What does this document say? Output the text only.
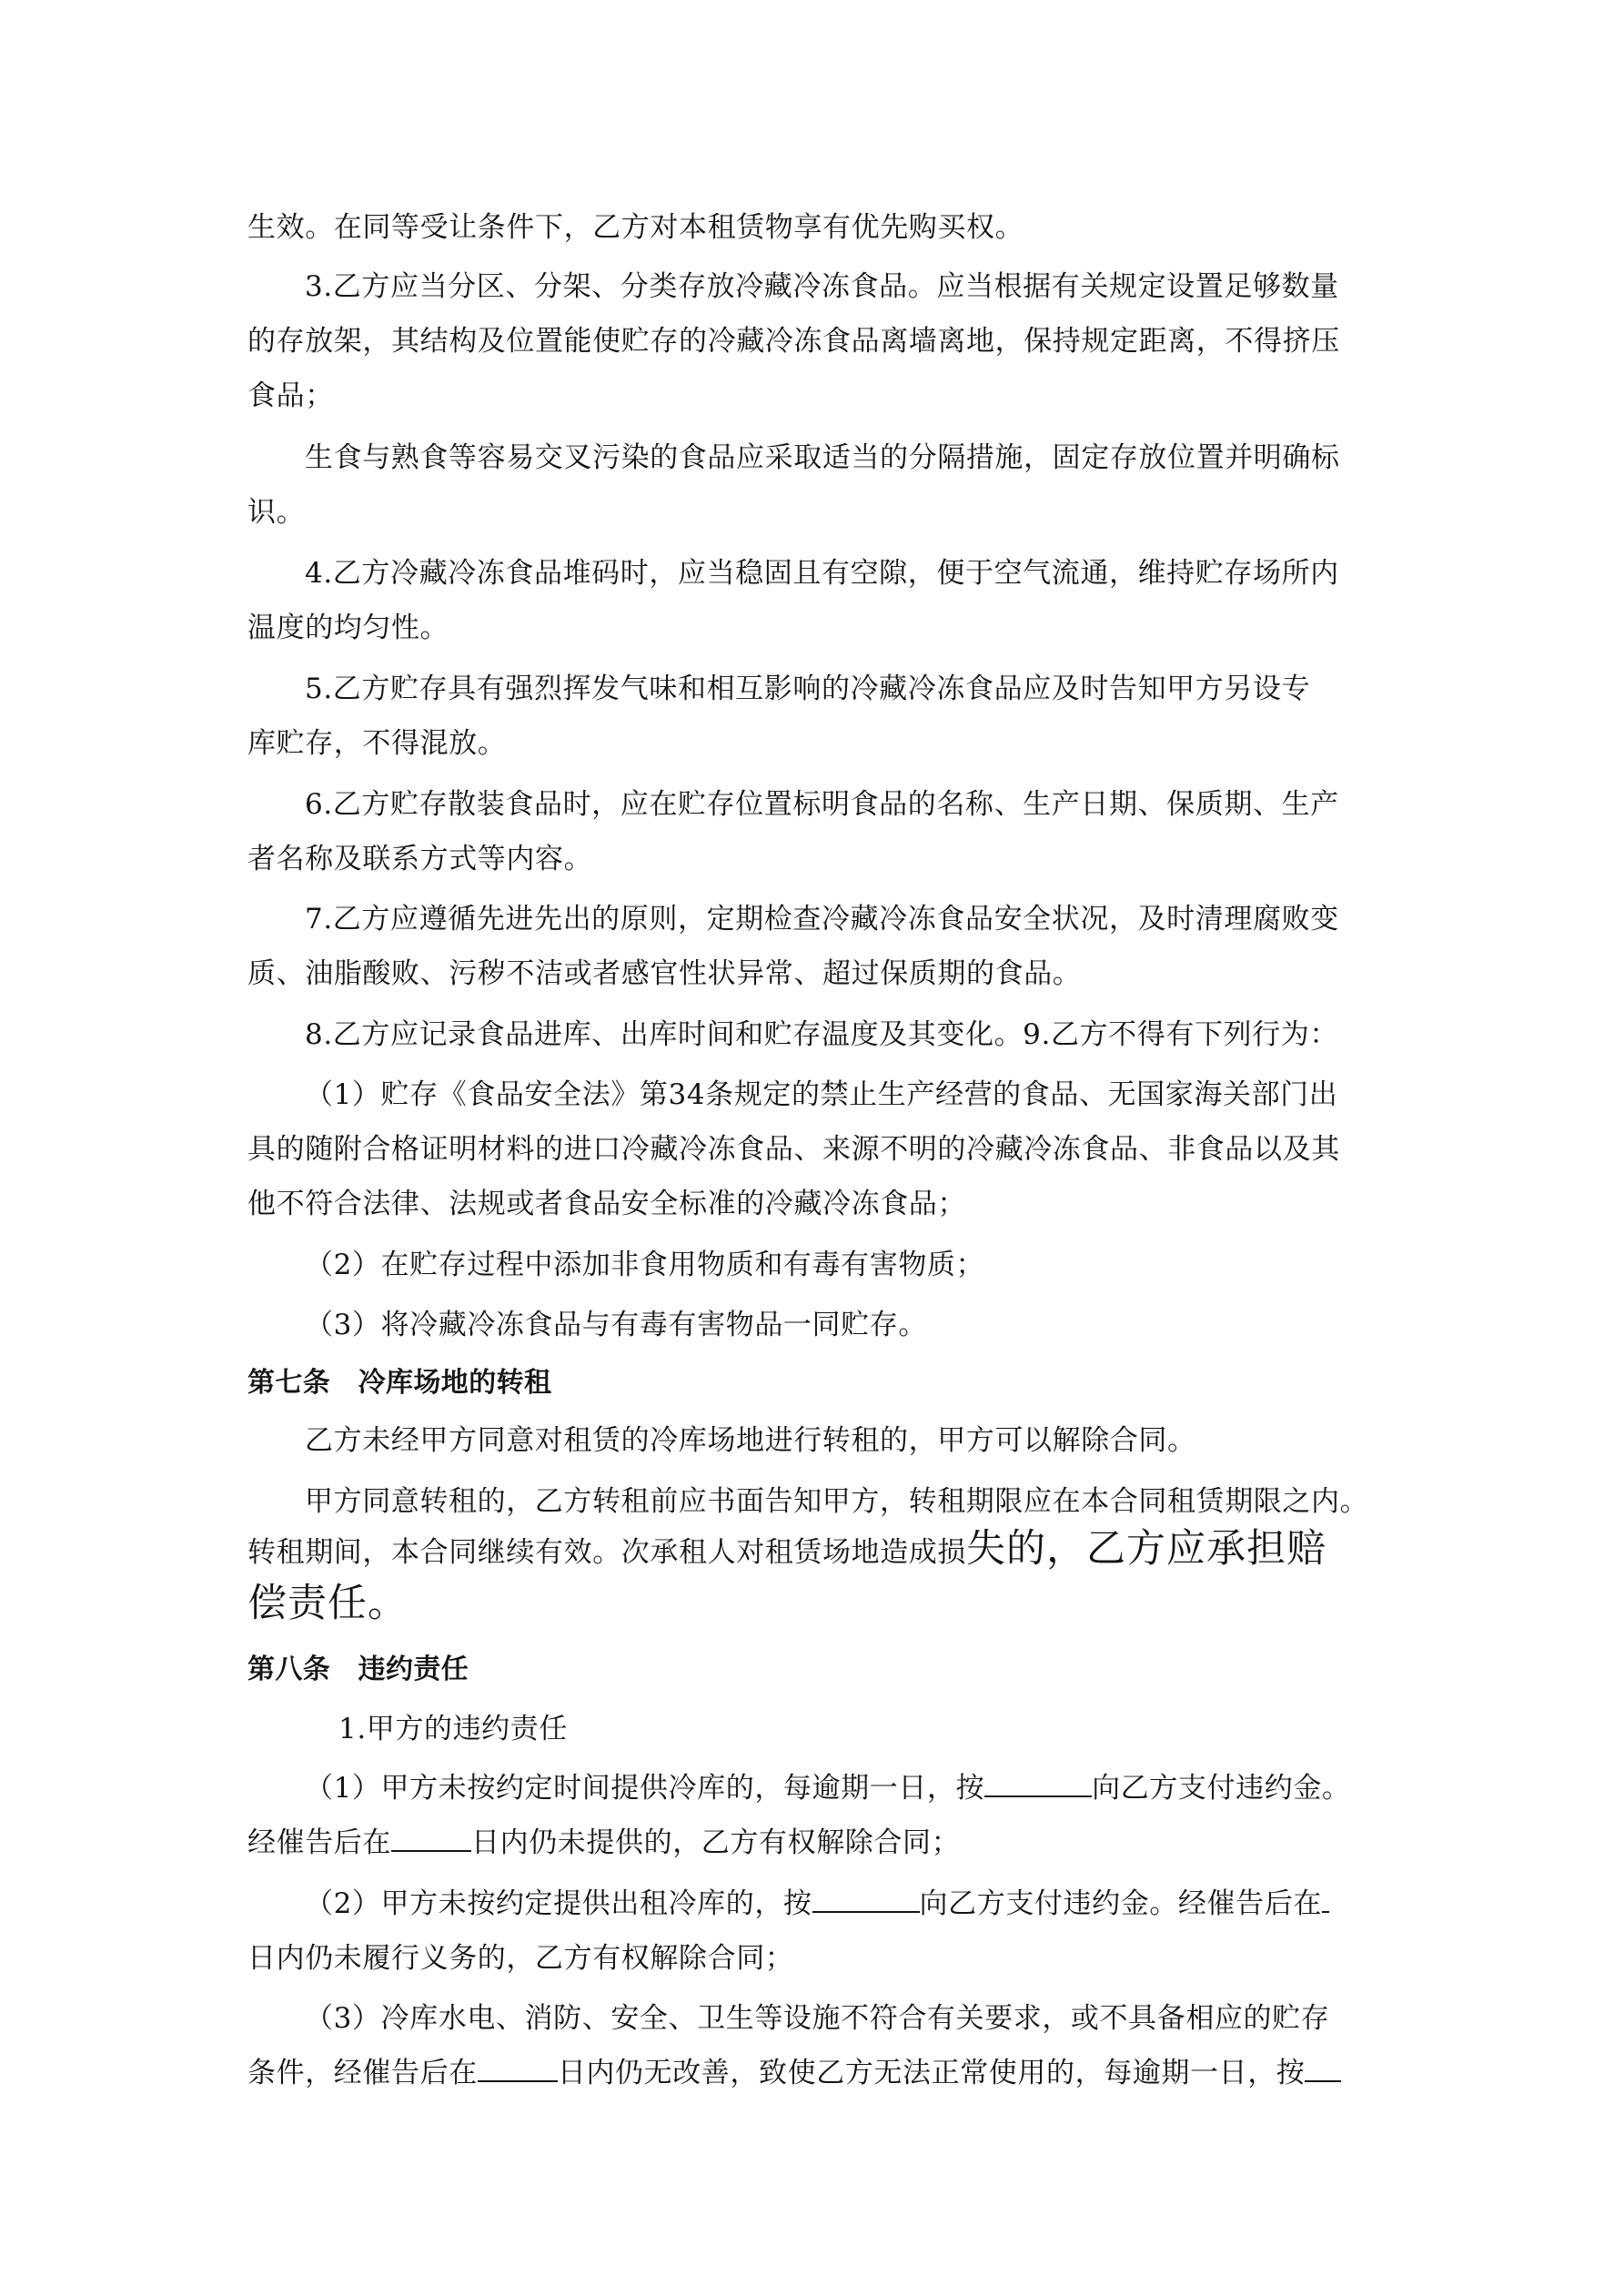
生效。在同等受让条件下，乙方对本租赁物享有优先购买权。
3.乙方应当分区、分架、分类存放冷藏冷冻食品。应当根据有关规定设置足够数量
的存放架，其结构及位置能使贮存的冷藏冷冻食品离墙离地，保持规定距离，不得挤压
食品；
生食与熟食等容易交叉污染的食品应采取适当的分隔措施，固定存放位置并明确标
识。
4.乙方冷藏冷冻食品堆码时，应当稳固且有空隙，便于空气流通，维持贮存场所内
温度的均匀性。
5.乙方贮存具有强烈挥发气味和相互影响的冷藏冷冻食品应及时告知甲方另设专
库贮存，不得混放。
6.乙方贮存散装食品时，应在贮存位置标明食品的名称、生产日期、保质期、生产
者名称及联系方式等内容。
7.乙方应遵循先进先出的原则，定期检查冷藏冷冻食品安全状况，及时清理腐败变
质、油脂酸败、污秽不洁或者感官性状异常、超过保质期的食品。
8.乙方应记录食品进库、出库时间和贮存温度及其变化。9.乙方不得有下列行为：
（1）贮存《食品安全法》第34条规定的禁止生产经营的食品、无国家海关部门出
具的随附合格证明材料的进口冷藏冷冻食品、来源不明的冷藏冷冻食品、非食品以及其
他不符合法律、法规或者食品安全标准的冷藏冷冻食品；
（2）在贮存过程中添加非食用物质和有毒有害物质；
（3）将冷藏冷冻食品与有毒有害物品一同贮存。
第七条　冷库场地的转租
乙方未经甲方同意对租赁的冷库场地进行转租的，甲方可以解除合同。
甲方同意转租的，乙方转租前应书面告知甲方，转租期限应在本合同租赁期限之内。
转租期间，本合同继续有效。次承租人对租赁场地造成损失的，乙方应承担赔
偿责任。
第八条　违约责任
1.甲方的违约责任
（1）甲方未按约定时间提供冷库的，每逾期一日，按	向乙方支付违约金。
经催告后在	日内仍未提供的，乙方有权解除合同；
（2）甲方未按约定提供出租冷库的，按	向乙方支付违约金。经催告后在
日内仍未履行义务的，乙方有权解除合同；
（3）冷库水电、消防、安全、卫生等设施不符合有关要求，或不具备相应的贮存
条件，经催告后在	日内仍无改善，致使乙方无法正常使用的，每逾期一日，按
